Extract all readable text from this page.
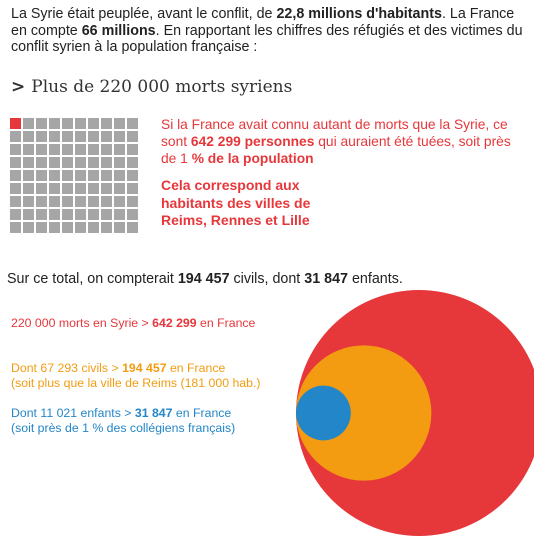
La Syrie était peuplée, avant le conflit, de 22,8 millions d'habitants. La France en compte 66 millions. En rapportant les chiffres des réfugiés et des victimes du conflit syrien à la population française :
> Plus de 220 000 morts syriens
Si la France avait connu autant de morts que la Syrie, ce sont 642 299 personnes qui auraient été tuées, soit près de 1 % de la population
Cela correspond aux
habitants des villes de
Reims, Rennes et Lille
Sur ce total, on compterait 194 457 civils, dont 31 847 enfants.
220 000 morts en Syrie > 642 299 en France
Dont 67 293 civils > 194 457 en France
(soit plus que la ville de Reims (181 000 hab.)
Dont 11 021 enfants > 31 847 en France
(soit près de 1 % des collégiens français)
